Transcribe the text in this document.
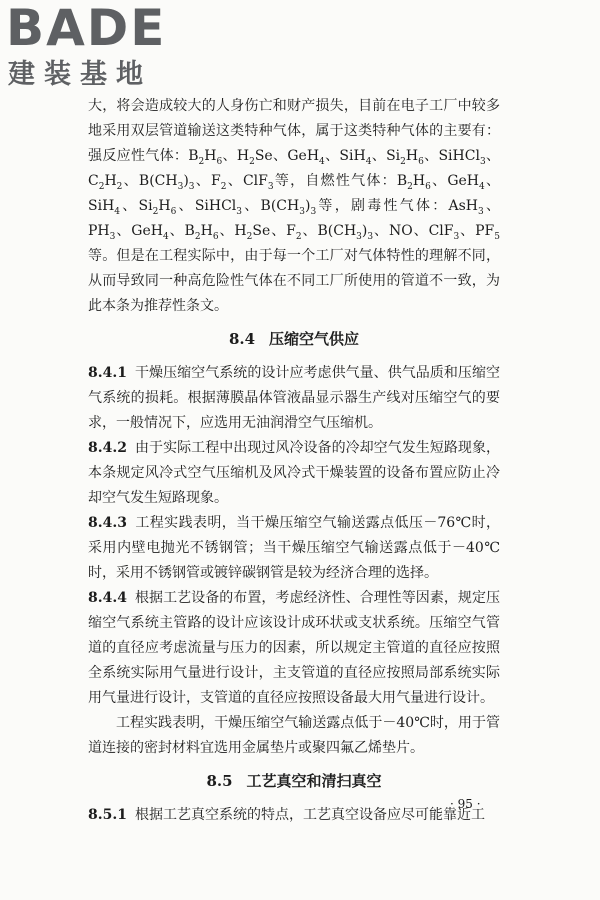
BADE
建装基地

大，将会造成较大的人身伤亡和财产损失，目前在电子工厂中较多地采用双层管道输送这类特种气体，属于这类特种气体的主要有：强反应性气体：$B_2H_6$、$H_2Se$、GeH$_4$、SiH$_4$、$Si_2H_6$、SiHCl$_3$、$C_2H_2$、$B(CH_3)_3$、$F_2$、ClF$_3$等，自燃性气体：$B_2H_6$、GeH$_4$、SiH$_4$、$Si_2H_6$、SiHCl$_3$、$B(CH_3)_3$等，剧毒性气体：AsH$_3$、$PH_3$、GeH$_4$、$B_2H_6$、$H_2Se$、$F_2$、$B(CH_3)_3$、NO、ClF$_3$、$PF_5$等。但是在工程实际中，由于每一个工厂对气体特性的理解不同，从而导致同一种高危险性气体在不同工厂所使用的管道不一致，为此本条为推荐性条文。

8.4 压缩空气供应

8.4.1 干燥压缩空气系统的设计应考虑供气量、供气品质和压缩空气系统的损耗。根据薄膜晶体管液晶显示器生产线对压缩空气的要求，一般情况下，应选用无油润滑空气压缩机。

8.4.2 由于实际工程中出现过风冷设备的冷却空气发生短路现象，本条规定风冷式空气压缩机及风冷式干燥装置的设备布置应防止冷却空气发生短路现象。

8.4.3 工程实践表明，当干燥压缩空气输送露点低压－76℃时，采用内壁电抛光不锈钢管；当干燥压缩空气输送露点低于－40℃时，采用不锈钢管或镀锌碳钢管是较为经济合理的选择。

8.4.4 根据工艺设备的布置，考虑经济性、合理性等因素，规定压缩空气系统主管路的设计应该设计成环状或支状系统。压缩空气管道的直径应考虑流量与压力的因素，所以规定主管道的直径应按照全系统实际用气量进行设计，主支管道的直径应按照局部系统实际用气量进行设计，支管道的直径应按照设备最大用气量进行设计。

工程实践表明，干燥压缩空气输送露点低于－40℃时，用于管道连接的密封材料宜选用金属垫片或聚四氟乙烯垫片。

8.5 工艺真空和清扫真空

8.5.1 根据工艺真空系统的特点，工艺真空设备应尽可能靠近工

· 95 ·
